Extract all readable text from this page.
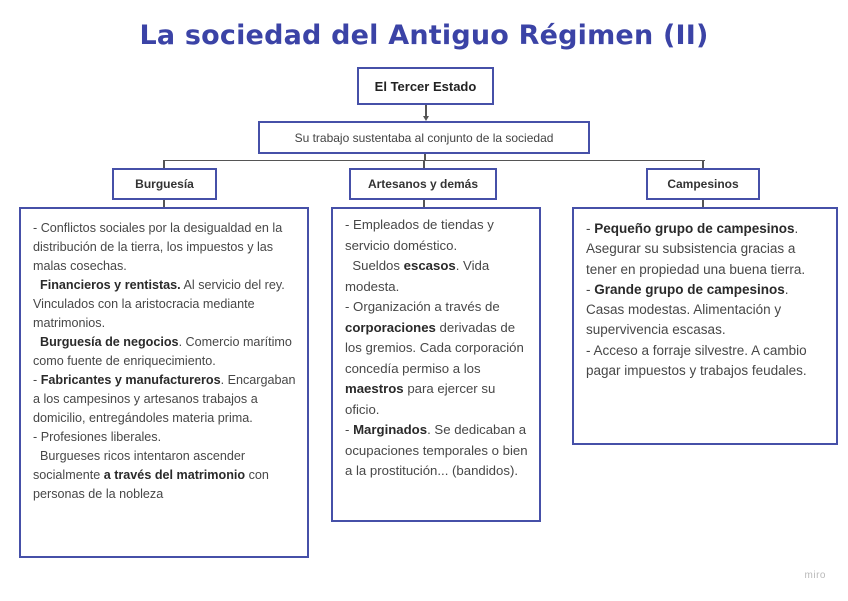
La sociedad del Antiguo Régimen (II)
El Tercer Estado
Su trabajo sustentaba al conjunto de la sociedad
Burguesía	Artesanos y demás	Campesinos

- Conflictos sociales por la desigualdad en la distribución de la tierra, los impuestos y las malas cosechas.

Financieros y rentistas. Al servicio del rey. Vinculados con la aristocracia mediante matrimonios.

Burguesía de negocios. Comercio marítimo como fuente de enriquecimiento.

- Fabricantes y manufactureros. Encargaban a los campesinos y artesanos trabajos a domicilio, entregándoles materia prima.

- Profesiones liberales.

Burgueses ricos intentaron ascender socialmente a través del matrimonio con personas de la nobleza

- Empleados de tiendas y servicio doméstico.

Sueldos escasos. Vida modesta.

- Organización a través de corporaciones derivadas de los gremios. Cada corporación concedía permiso a los maestros para ejercer su oficio.

- Marginados. Se dedicaban a ocupaciones temporales o bien a la prostitución... (bandidos).

- Pequeño grupo de campesinos. Asegurar su subsistencia gracias a tener en propiedad una buena tierra.

- Grande grupo de campesinos. Casas modestas. Alimentación y supervivencia escasas.

- Acceso a forraje silvestre. A cambio pagar impuestos y trabajos feudales.

miro
